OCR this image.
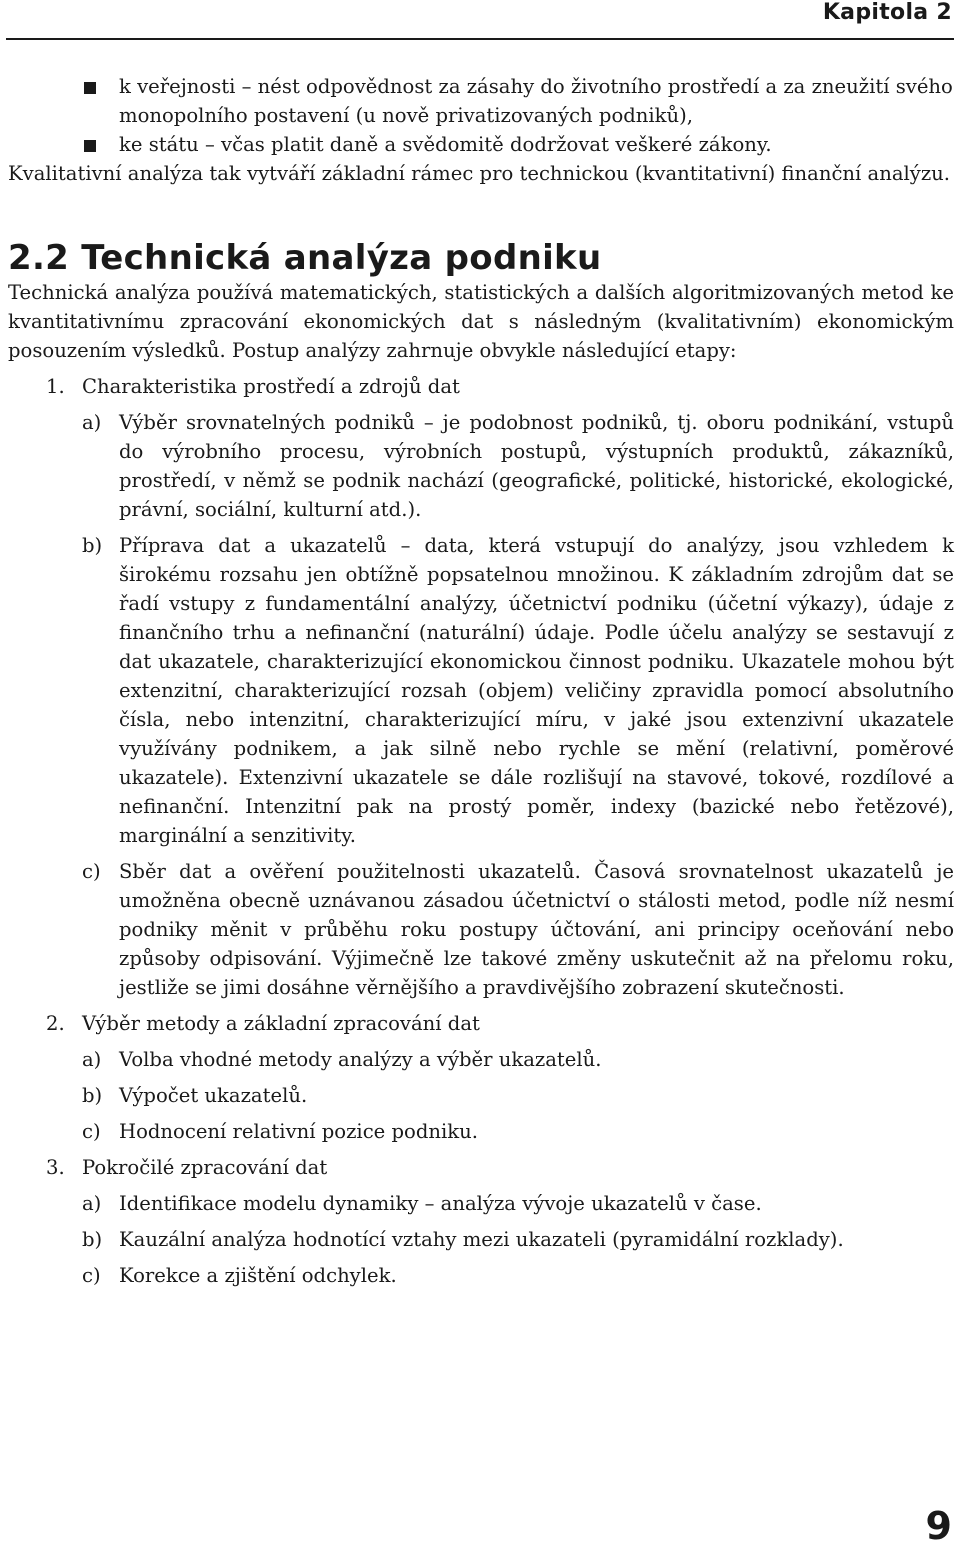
Kapitola 2
k veřejnosti – nést odpovědnost za zásahy do životního prostředí a za zneužití svého monopolního postavení (u nově privatizovaných podniků),
ke státu – včas platit daně a svědomitě dodržovat veškeré zákony.

Kvalitativní analýza tak vytváří základní rámec pro technickou (kvantitativní) finanční analýzu.

2.2 Technická analýza podniku

Technická analýza používá matematických, statistických a dalších algoritmizovaných metod ke kvantitativnímu zpracování ekonomických dat s následným (kvalitativním) ekonomickým posouzením výsledků. Postup analýzy zahrnuje obvykle následující etapy:

1. Charakteristika prostředí a zdrojů dat
a) Výběr srovnatelných podniků – je podobnost podniků, tj. oboru podnikání, vstupů do výrobního procesu, výrobních postupů, výstupních produktů, zákazníků, prostředí, v němž se podnik nachází (geografické, politické, historické, ekologické, právní, sociální, kulturní atd.).
b) Příprava dat a ukazatelů – data, která vstupují do analýzy, jsou vzhledem k širokému rozsahu jen obtížně popsatelnou množinou. K základním zdrojům dat se řadí vstupy z fundamentální analýzy, účetnictví podniku (účetní výkazy), údaje z finančního trhu a nefinanční (naturální) údaje. Podle účelu analýzy se sestavují z dat ukazatele, charakterizující ekonomickou činnost podniku. Ukazatele mohou být extenzitní, charakterizující rozsah (objem) veličiny zpravidla pomocí absolutního čísla, nebo intenzitní, charakterizující míru, v jaké jsou extenzivní ukazatele využívány podnikem, a jak silně nebo rychle se mění (relativní, poměrové ukazatele). Extenzivní ukazatele se dále rozlišují na stavové, tokové, rozdílové a nefinanční. Intenzitní pak na prostý poměr, indexy (bazické nebo řetězové), marginální a senzitivity.
c) Sběr dat a ověření použitelnosti ukazatelů. Časová srovnatelnost ukazatelů je umožněna obecně uznávanou zásadou účetnictví o stálosti metod, podle níž nesmí podniky měnit v průběhu roku postupy účtování, ani principy oceňování nebo způsoby odpisování. Výjimečně lze takové změny uskutečnit až na přelomu roku, jestliže se jimi dosáhne věrnějšího a pravdivějšího zobrazení skutečnosti.
2. Výběr metody a základní zpracování dat
a) Volba vhodné metody analýzy a výběr ukazatelů.
b) Výpočet ukazatelů.
c) Hodnocení relativní pozice podniku.
3. Pokročilé zpracování dat
a) Identifikace modelu dynamiky – analýza vývoje ukazatelů v čase.
b) Kauzální analýza hodnotící vztahy mezi ukazateli (pyramidální rozklady).
c) Korekce a zjištění odchylek.
9
